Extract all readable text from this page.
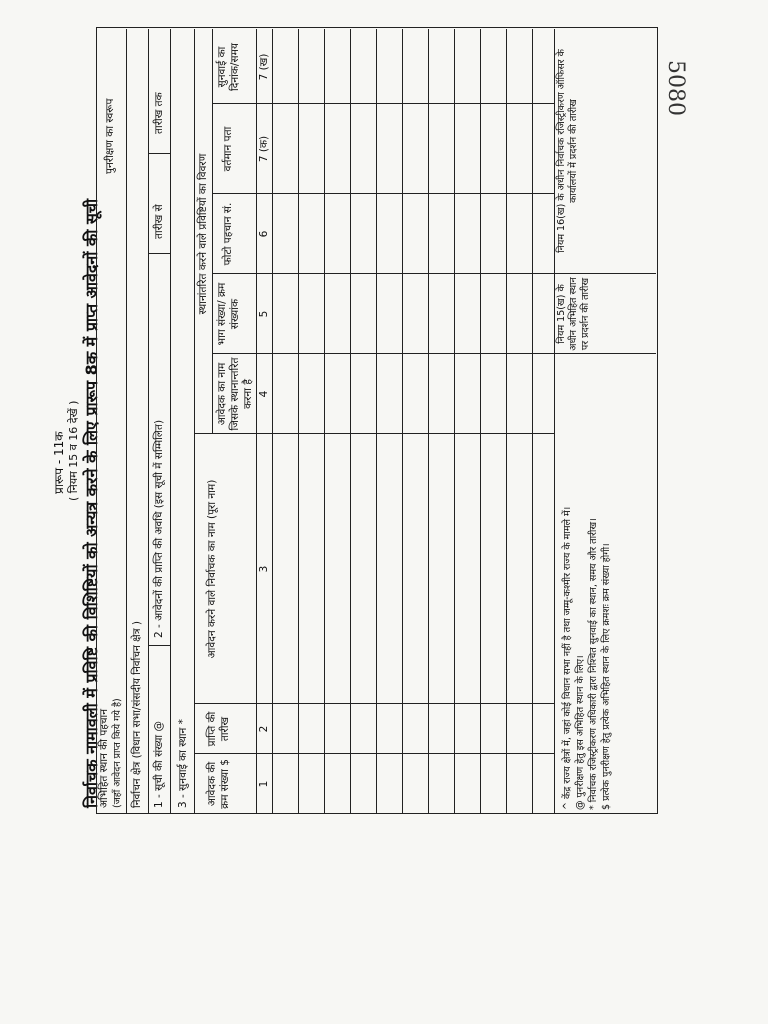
5080
प्रारूप - 11क ( नियम 15 व 16 देखें ) निर्वाचक नामावली में प्रविष्टि की विशिष्टियों को अन्यत्र करने के लिए प्रारूप 8क में प्राप्त आवेदनों की सूची
अभिहित स्थान की पहचान (जहाँ आवेदन प्राप्त किये गये है)
पुनरीक्षण का स्वरूप
निर्वाचन क्षेत्र (विधान सभा/संसदीय निर्वाचन क्षेत्र ) 1 - सूची की संख्या @
2 - आवेदनों की प्राप्ति की अवधि (इस सूची में सम्मिलित)
तारीख से
तारीख तक
3 - सुनवाई का स्थान *
स्थानांतरित करने वाले प्रविष्टियों का विवरण
आवेदक की क्रम संख्या $
प्राप्ति की तारीख
आवेदन करने वाले निर्वाचक का नाम (पूरा नाम)
आवेदक का नाम जिसके स्थानान्तरित करना है
भाग संख्या/ क्रम संख्यांक
फोटो पहचान सं.
वर्तमान पता
सुनवाई का दिनांक/समय
1
2
3
4
5
6
7 (क)
7 (ख)
नियम 15(ख) के अधीन अभिहित स्थान पर प्रदर्शन की तारीख
नियम 16(ख) के अधीन निर्वाचक रजिस्ट्रीकरण ऑफिसर के कार्यालयों में प्रदर्शन की तारीख
^ केंद्र राज्य क्षेत्रों में, जहां कोई विधान सभा नहीं है तथा जम्मू-कश्मीर राज्य के मामले में। @ पुनरीक्षण हेतु इस अभिहित स्थान के लिए। * निर्वाचक रजिस्ट्रीकरण अधिकारी द्वारा निश्चित सुनवाई का स्थान, समय और तारीख। $ प्रत्येक पुनरीक्षण हेतु प्रत्येक अभिहित स्थान के लिए क्रमशः क्रम संख्या होगी।
